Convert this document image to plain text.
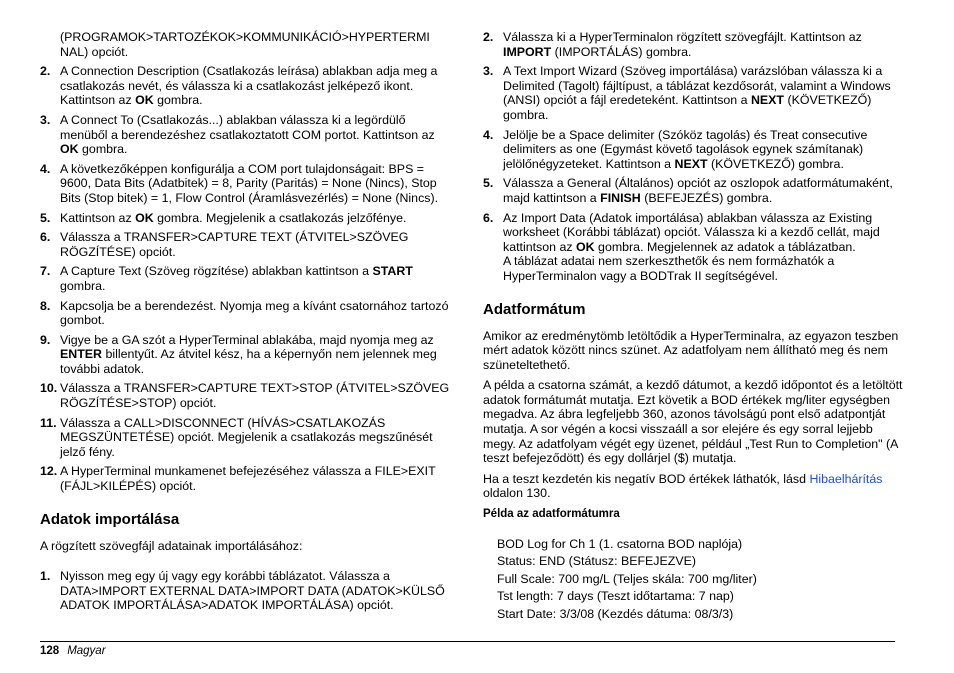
(PROGRAMOK>TARTOZÉKOK>KOMMUNIKÁCIÓ>HYPERTERMI NAL) opciót.
2. A Connection Description (Csatlakozás leírása) ablakban adja meg a csatlakozás nevét, és válassza ki a csatlakozást jelképező ikont. Kattintson az OK gombra.
3. A Connect To (Csatlakozás...) ablakban válassza ki a legördülő menüből a berendezéshez csatlakoztatott COM portot. Kattintson az OK gombra.
4. A következőképpen konfigurálja a COM port tulajdonságait: BPS = 9600, Data Bits (Adatbitek) = 8, Parity (Paritás) = None (Nincs), Stop Bits (Stop bitek) = 1, Flow Control (Áramlásvezérlés) = None (Nincs).
5. Kattintson az OK gombra. Megjelenik a csatlakozás jelzőfénye.
6. Válassza a TRANSFER>CAPTURE TEXT (ÁTVITEL>SZÖVEG RÖGZÍTÉSE) opciót.
7. A Capture Text (Szöveg rögzítése) ablakban kattintson a START gombra.
8. Kapcsolja be a berendezést. Nyomja meg a kívánt csatornához tartozó gombot.
9. Vigye be a GA szót a HyperTerminal ablakába, majd nyomja meg az ENTER billentyűt. Az átvitel kész, ha a képernyőn nem jelennek meg további adatok.
10. Válassza a TRANSFER>CAPTURE TEXT>STOP (ÁTVITEL>SZÖVEG RÖGZÍTÉSE>STOP) opciót.
11. Válassza a CALL>DISCONNECT (HÍVÁS>CSATLAKOZÁS MEGSZÜNTETÉSE) opciót. Megjelenik a csatlakozás megszűnését jelző fény.
12. A HyperTerminal munkamenet befejezéséhez válassza a FILE>EXIT (FÁJL>KILÉPÉS) opciót.
Adatok importálása

A rögzített szövegfájl adatainak importálásához:

1. Nyisson meg egy új vagy egy korábbi táblázatot. Válassza a DATA>IMPORT EXTERNAL DATA>IMPORT DATA (ADATOK>KÜLSŐ ADATOK IMPORTÁLÁSA>ADATOK IMPORTÁLÁSA) opciót.
2. Válassza ki a HyperTerminalon rögzített szövegfájlt. Kattintson az IMPORT (IMPORTÁLÁS) gombra.
3. A Text Import Wizard (Szöveg importálása) varázslóban válassza ki a Delimited (Tagolt) fájltípust, a táblázat kezdősorát, valamint a Windows (ANSI) opciót a fájl eredeteként. Kattintson a NEXT (KÖVETKEZŐ) gombra.
4. Jelölje be a Space delimiter (Szóköz tagolás) és Treat consecutive delimiters as one (Egymást követő tagolások egynek számítanak) jelölőnégyzeteket. Kattintson a NEXT (KÖVETKEZŐ) gombra.
5. Válassza a General (Általános) opciót az oszlopok adatformátumaként, majd kattintson a FINISH (BEFEJEZÉS) gombra.
6. Az Import Data (Adatok importálása) ablakban válassza az Existing worksheet (Korábbi táblázat) opciót. Válassza ki a kezdő cellát, majd kattintson az OK gombra. Megjelennek az adatok a táblázatban.
A táblázat adatai nem szerkeszthetők és nem formázhatók a HyperTerminalon vagy a BODTrak II segítségével.
Adatformátum

Amikor az eredménytömb letöltődik a HyperTerminalra, az egyazon teszben mért adatok között nincs szünet. Az adatfolyam nem állítható meg és nem szüneteltethető.

A példa a csatorna számát, a kezdő dátumot, a kezdő időpontot és a letöltött adatok formátumát mutatja. Ezt követik a BOD értékek mg/liter egységben megadva. Az ábra legfeljebb 360, azonos távolságú pont első adatpontját mutatja. A sor végén a kocsi visszaáll a sor elejére és egy sorral lejjebb megy. Az adatfolyam végét egy üzenet, például „Test Run to Completion" (A teszt befejeződött) és egy dollárjel ($) mutatja.

Ha a teszt kezdetén kis negatív BOD értékek láthatók, lásd Hibaelhárítás oldalon 130.

Példa az adatformátumra
BOD Log for Ch 1 (1. csatorna BOD naplója)
Status: END (Státusz: BEFEJEZVE)
Full Scale: 700 mg/L (Teljes skála: 700 mg/liter)
Tst length: 7 days (Teszt időtartama: 7 nap)
Start Date: 3/3/08 (Kezdés dátuma: 08/3/3)
128 Magyar
